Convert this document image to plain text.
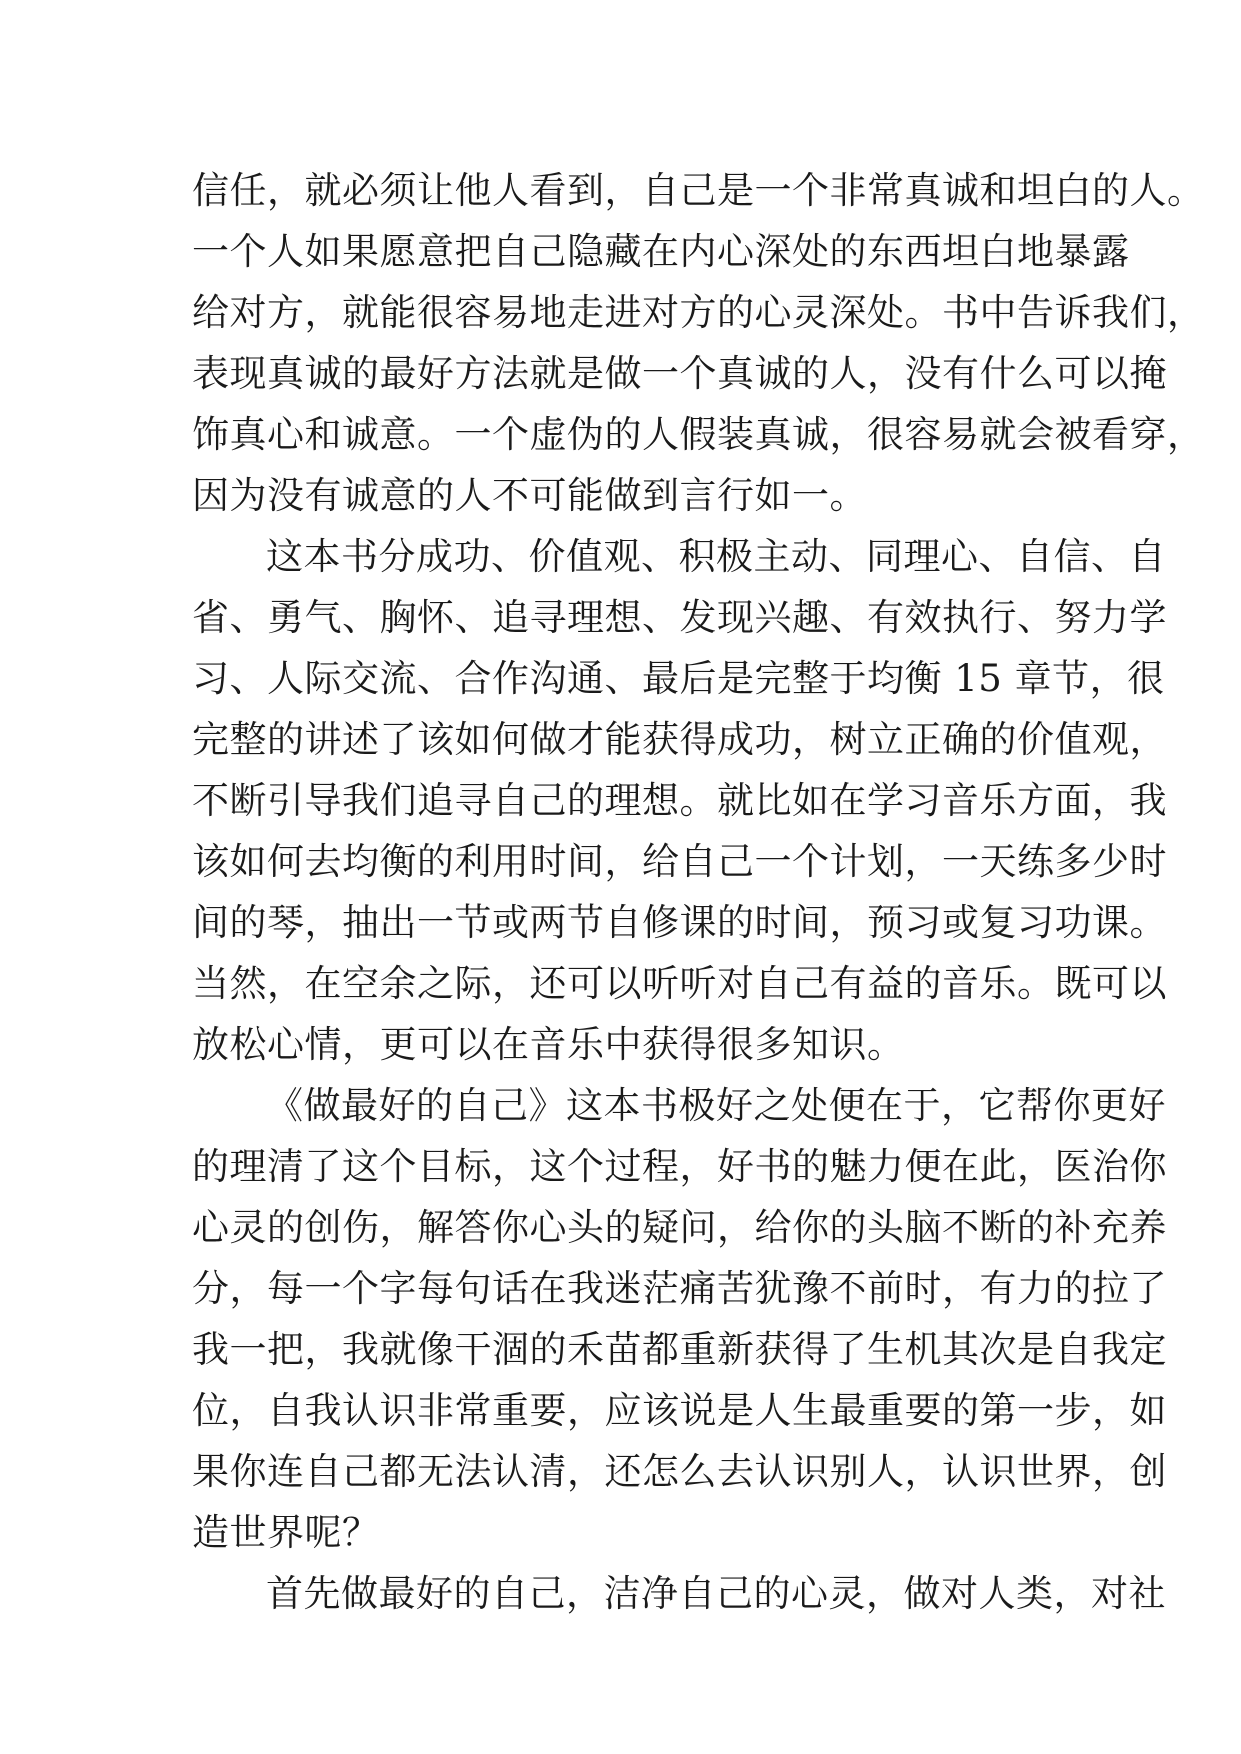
信任，就必须让他人看到，自己是一个非常真诚和坦白的人。
一个人如果愿意把自己隐藏在内心深处的东西坦白地暴露
给对方，就能很容易地走进对方的心灵深处。书中告诉我们，
表现真诚的最好方法就是做一个真诚的人，没有什么可以掩
饰真心和诚意。一个虚伪的人假装真诚，很容易就会被看穿，
因为没有诚意的人不可能做到言行如一。
这本书分成功、价值观、积极主动、同理心、自信、自
省、勇气、胸怀、追寻理想、发现兴趣、有效执行、努力学
习、人际交流、合作沟通、最后是完整于均衡 15 章节，很
完整的讲述了该如何做才能获得成功，树立正确的价值观，
不断引导我们追寻自己的理想。就比如在学习音乐方面，我
该如何去均衡的利用时间，给自己一个计划，一天练多少时
间的琴，抽出一节或两节自修课的时间，预习或复习功课。
当然，在空余之际，还可以听听对自己有益的音乐。既可以
放松心情，更可以在音乐中获得很多知识。
《做最好的自己》这本书极好之处便在于，它帮你更好
的理清了这个目标，这个过程，好书的魅力便在此，医治你
心灵的创伤，解答你心头的疑问，给你的头脑不断的补充养
分，每一个字每句话在我迷茫痛苦犹豫不前时，有力的拉了
我一把，我就像干涸的禾苗都重新获得了生机其次是自我定
位，自我认识非常重要，应该说是人生最重要的第一步，如
果你连自己都无法认清，还怎么去认识别人，认识世界，创
造世界呢？
首先做最好的自己，洁净自己的心灵，做对人类，对社
